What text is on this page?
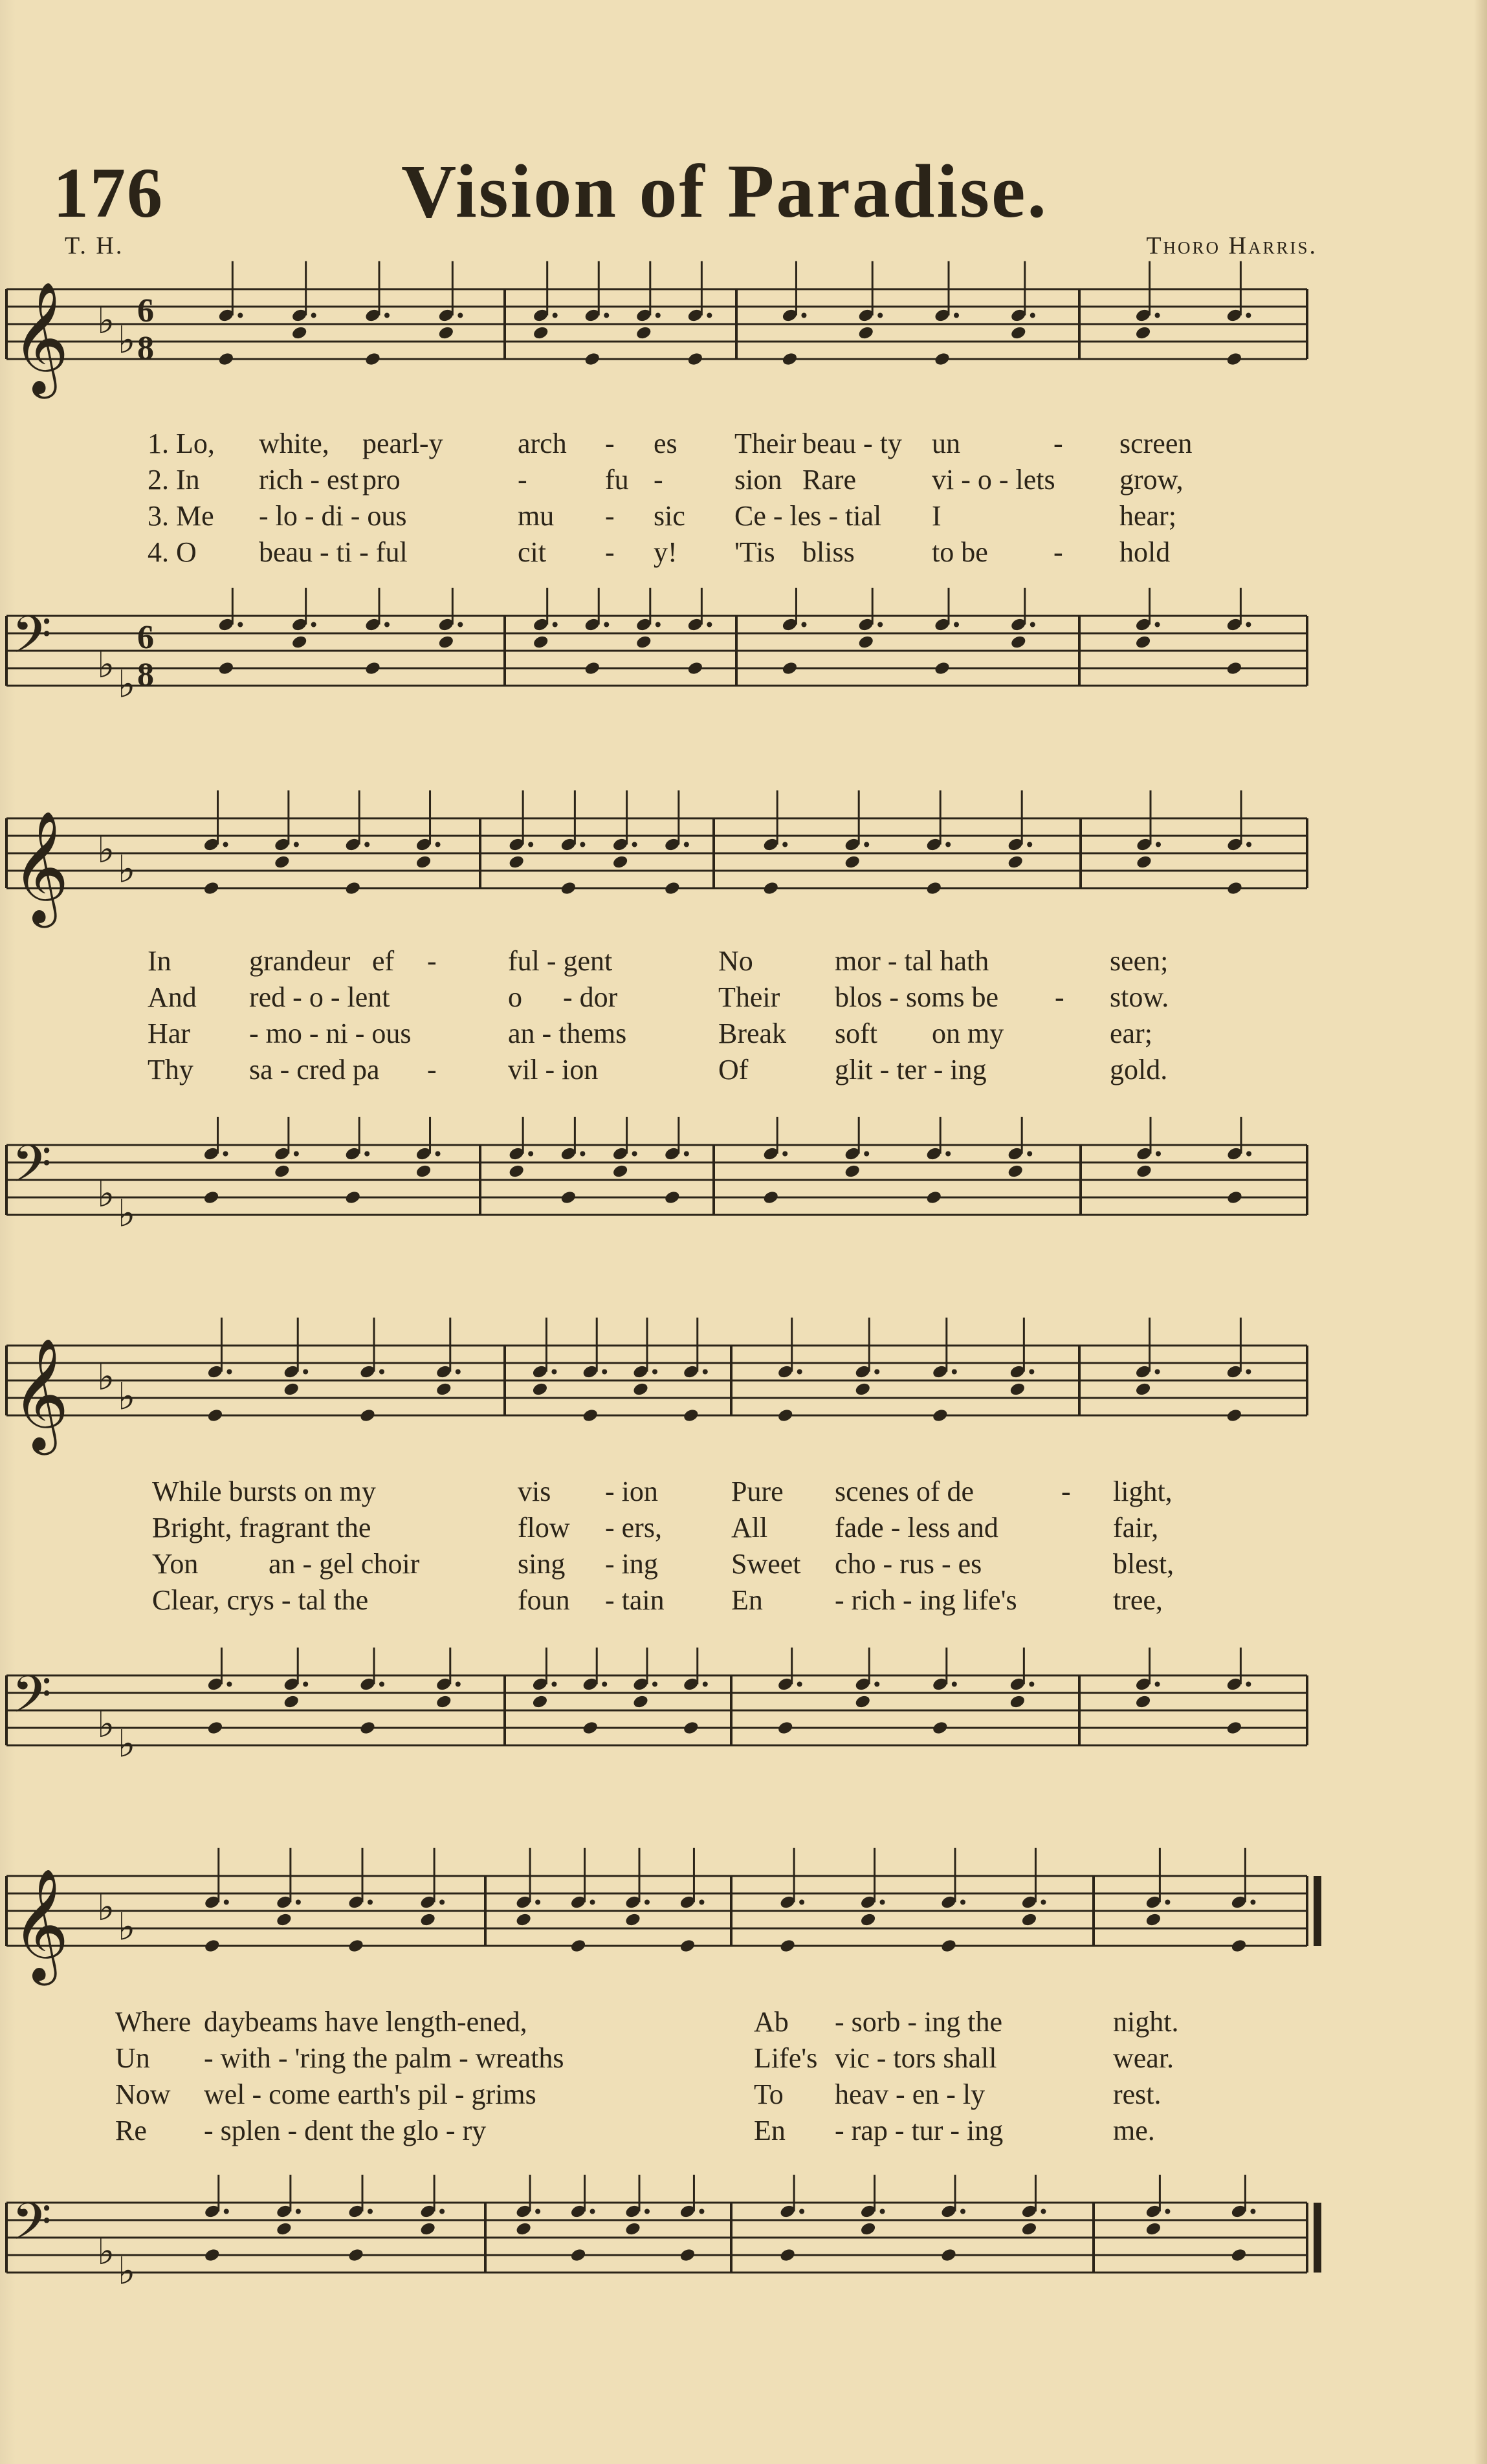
176	Vision of Paradise.
T. H.	Thoro Harris.
𝄞 ♭ ♭
6
8
𝄢 ♭ ♭
6
8
𝄞 ♭ ♭
𝄢 ♭ ♭
𝄞 ♭ ♭
𝄢 ♭ ♭
𝄞 ♭ ♭
𝄢 ♭ ♭
1. Lo, white, pearl-y	arch - es Their beau - ty un	- screen
2. In rich - est pro	-	fu -	sion Rare	vi - o - lets grow,
3. Me - lo - di - ous	mu - sic Ce - les - tial I	hear;
4. O beau - ti - ful	cit - y! 'Tis bliss	to be - hold
In	grandeur ef -	ful - gent	No	mor - tal hath	seen;
And red - o - lent	o - dor	Their blos - soms be - stow.
Har - mo - ni - ous	an - thems	Break soft on my	ear;
Thy sa - cred pa -	vil - ion	Of	glit - ter - ing	gold.
While bursts on my	vis - ion	Pure scenes of de	- light,
Bright, fragrant the	flow - ers, All fade - less and	fair,
Yon an - gel choir	sing - ing	Sweet cho - rus - es	blest,
Clear, crys - tal the	foun - tain En	- rich - ing life's	tree,
Where daybeams have length-ened,	Ab - sorb - ing the	night.
Un - with - 'ring the palm - wreaths	Life's vic - tors shall	wear.
Now wel - come earth's pil - grims	To heav - en - ly	rest.
Re - splen - dent the glo - ry	En - rap - tur - ing	me.
